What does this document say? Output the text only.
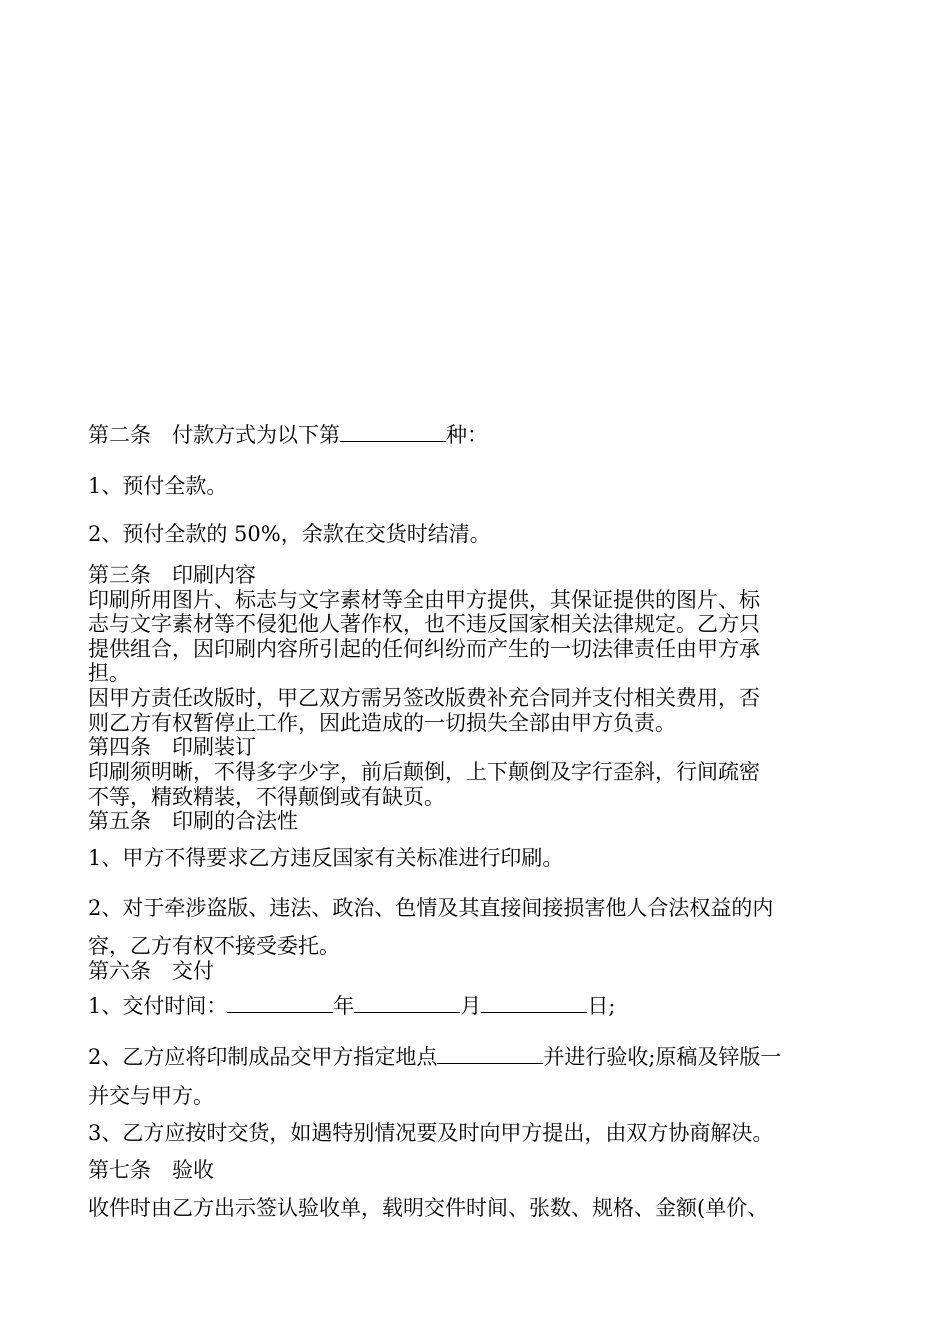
第二条　付款方式为以下第	种：
1、预付全款。
2、预付全款的 50%，余款在交货时结清。
第三条　印刷内容
印刷所用图片、标志与文字素材等全由甲方提供，其保证提供的图片、标
志与文字素材等不侵犯他人著作权，也不违反国家相关法律规定。乙方只
提供组合，因印刷内容所引起的任何纠纷而产生的一切法律责任由甲方承
担。
因甲方责任改版时，甲乙双方需另签改版费补充合同并支付相关费用，否
则乙方有权暂停止工作，因此造成的一切损失全部由甲方负责。
第四条　印刷装订
印刷须明晰，不得多字少字，前后颠倒，上下颠倒及字行歪斜，行间疏密
不等，精致精装，不得颠倒或有缺页。
第五条　印刷的合法性
1、甲方不得要求乙方违反国家有关标准进行印刷。
2、对于牵涉盗版、违法、政治、色情及其直接间接损害他人合法权益的内
容，乙方有权不接受委托。
第六条　交付
1、交付时间：	年	月	日;
2、乙方应将印制成品交甲方指定地点	并进行验收;原稿及锌版一
并交与甲方。
3、乙方应按时交货，如遇特别情况要及时向甲方提出，由双方协商解决。
第七条　验收
收件时由乙方出示签认验收单，载明交件时间、张数、规格、金额(单价、
